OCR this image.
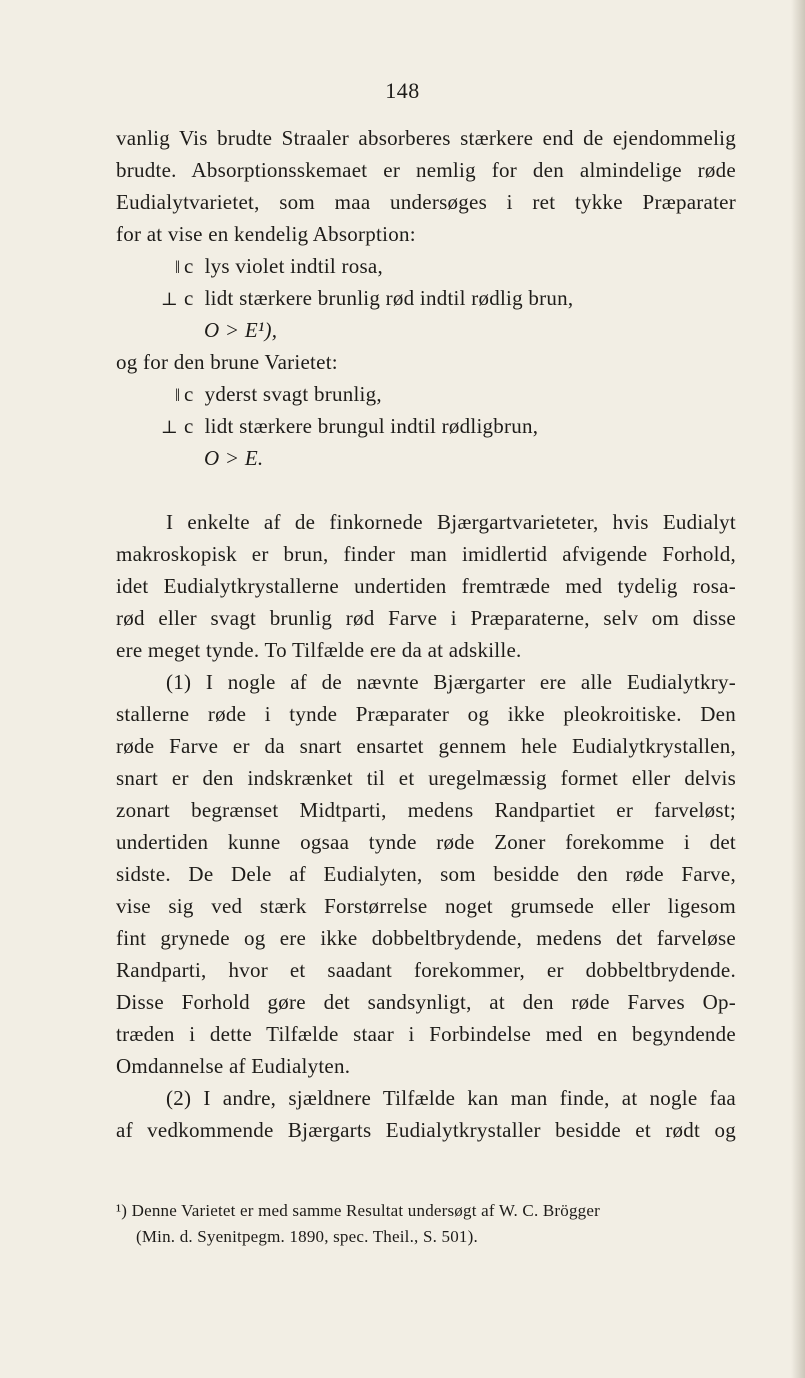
148
vanlig Vis brudte Straaler absorberes stærkere end de ejendommelig
brudte. Absorptionsskemaet er nemlig for den almindelige røde
Eudialytvarietet, som maa undersøges i ret tykke Præparater
for at vise en kendelig Absorption:
‖ c lys violet indtil rosa,
⊥ c lidt stærkere brunlig rød indtil rødlig brun,
O > E¹),
og for den brune Varietet:
‖ c yderst svagt brunlig,
⊥ c lidt stærkere brungul indtil rødligbrun,
O > E.
I enkelte af de finkornede Bjærgartvarieteter, hvis Eudialyt
makroskopisk er brun, finder man imidlertid afvigende Forhold,
idet Eudialytkrystallerne undertiden fremtræde med tydelig rosa-
rød eller svagt brunlig rød Farve i Præparaterne, selv om disse
ere meget tynde. To Tilfælde ere da at adskille.
(1) I nogle af de nævnte Bjærgarter ere alle Eudialytkry-
stallerne røde i tynde Præparater og ikke pleokroitiske. Den
røde Farve er da snart ensartet gennem hele Eudialytkrystallen,
snart er den indskrænket til et uregelmæssig formet eller delvis
zonart begrænset Midtparti, medens Randpartiet er farveløst;
undertiden kunne ogsaa tynde røde Zoner forekomme i det
sidste. De Dele af Eudialyten, som besidde den røde Farve,
vise sig ved stærk Forstørrelse noget grumsede eller ligesom
fint grynede og ere ikke dobbeltbrydende, medens det farveløse
Randparti, hvor et saadant forekommer, er dobbeltbrydende.
Disse Forhold gøre det sandsynligt, at den røde Farves Op-
træden i dette Tilfælde staar i Forbindelse med en begyndende
Omdannelse af Eudialyten.
(2) I andre, sjældnere Tilfælde kan man finde, at nogle faa
af vedkommende Bjærgarts Eudialytkrystaller besidde et rødt og
¹) Denne Varietet er med samme Resultat undersøgt af W. C. Brögger
(Min. d. Syenitpegm. 1890, spec. Theil., S. 501).
